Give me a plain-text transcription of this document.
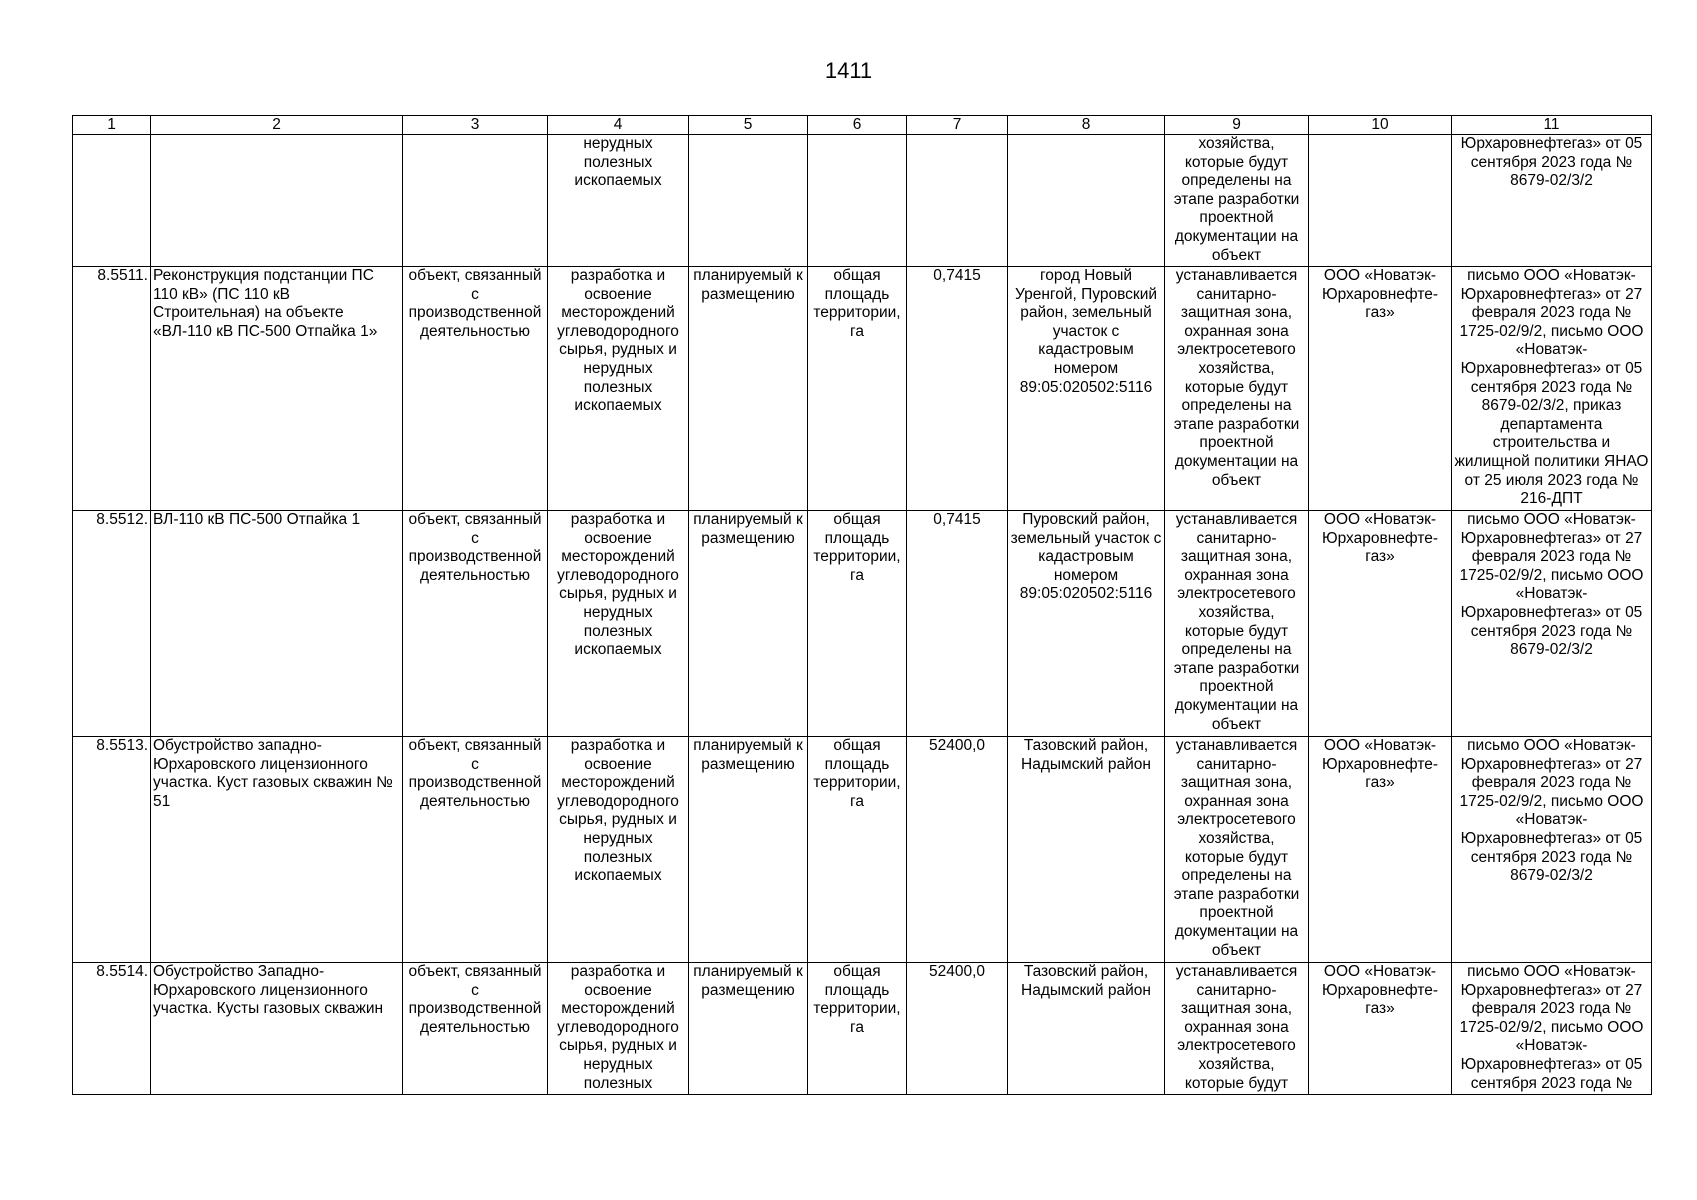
1411
1	2	3	4	5	6	7	8	9	10	11

			нерудных полезных ископаемых					хозяйства, которые будут определены на этапе разработки проектной документации на объект		Юрхаровнефтегаз» от 05 сентября 2023 года № 8679-02/3/2

8.5511.	Реконструкция подстанции ПС 110 кВ» (ПС 110 кВ Строительная) на объекте «ВЛ-110 кВ ПС-500 Отпайка 1»	объект, связанный с производственной деятельностью	разработка и освоение месторождений углеводородного сырья, рудных и нерудных полезных ископаемых	планируемый к размещению	общая площадь территории, га	0,7415	город Новый Уренгой, Пуровский район, земельный участок с кадастровым номером 89:05:020502:5116	устанавливается санитарно-защитная зона, охранная зона электросетевого хозяйства, которые будут определены на этапе разработки проектной документации на объект	ООО «Новатэк-Юрхаровнефте-газ»	письмо ООО «Новатэк-Юрхаровнефтегаз» от 27 февраля 2023 года № 1725-02/9/2, письмо ООО «Новатэк-Юрхаровнефтегаз» от 05 сентября 2023 года № 8679-02/3/2, приказ департамента строительства и жилищной политики ЯНАО от 25 июля 2023 года № 216-ДПТ

8.5512.	ВЛ-110 кВ ПС-500 Отпайка 1	объект, связанный с производственной деятельностью	разработка и освоение месторождений углеводородного сырья, рудных и нерудных полезных ископаемых	планируемый к размещению	общая площадь территории, га	0,7415	Пуровский район, земельный участок с кадастровым номером 89:05:020502:5116	устанавливается санитарно-защитная зона, охранная зона электросетевого хозяйства, которые будут определены на этапе разработки проектной документации на объект	ООО «Новатэк-Юрхаровнефте-газ»	письмо ООО «Новатэк-Юрхаровнефтегаз» от 27 февраля 2023 года № 1725-02/9/2, письмо ООО «Новатэк-Юрхаровнефтегаз» от 05 сентября 2023 года № 8679-02/3/2

8.5513.	Обустройство западно-Юрхаровского лицензионного участка. Куст газовых скважин № 51	объект, связанный с производственной деятельностью	разработка и освоение месторождений углеводородного сырья, рудных и нерудных полезных ископаемых	планируемый к размещению	общая площадь территории, га	52400,0	Тазовский район, Надымский район	устанавливается санитарно-защитная зона, охранная зона электросетевого хозяйства, которые будут определены на этапе разработки проектной документации на объект	ООО «Новатэк-Юрхаровнефте-газ»	письмо ООО «Новатэк-Юрхаровнефтегаз» от 27 февраля 2023 года № 1725-02/9/2, письмо ООО «Новатэк-Юрхаровнефтегаз» от 05 сентября 2023 года № 8679-02/3/2

8.5514.	Обустройство Западно-Юрхаровского лицензионного участка. Кусты газовых скважин	объект, связанный с производственной деятельностью	разработка и освоение месторождений углеводородного сырья, рудных и нерудных полезных	планируемый к размещению	общая площадь территории, га	52400,0	Тазовский район, Надымский район	устанавливается санитарно-защитная зона, охранная зона электросетевого хозяйства, которые будут	ООО «Новатэк-Юрхаровнефте-газ»	письмо ООО «Новатэк-Юрхаровнефтегаз» от 27 февраля 2023 года № 1725-02/9/2, письмо ООО «Новатэк-Юрхаровнефтегаз» от 05 сентября 2023 года №
